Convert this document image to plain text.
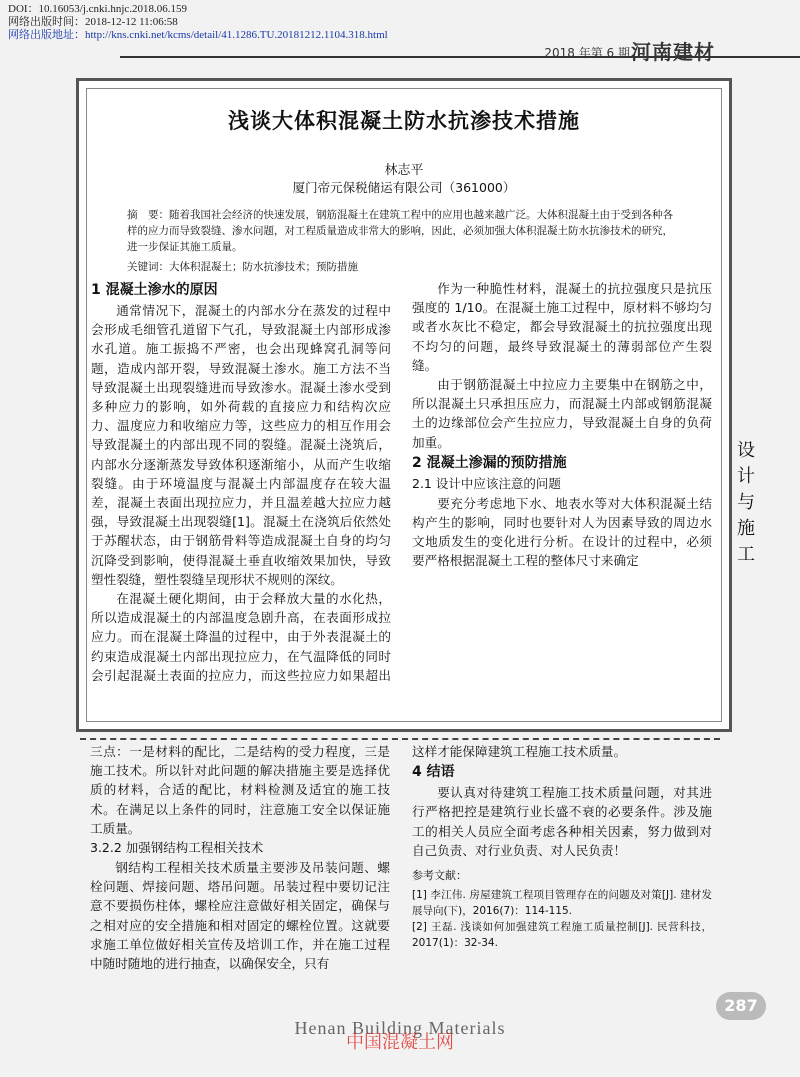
DOI：10.16053/j.cnki.hnjc.2018.06.159
网络出版时间：2018-12-12 11:06:58
网络出版地址：http://kns.cnki.net/kcms/detail/41.1286.TU.20181212.1104.318.html
2018 年第 6 期 河南建材
浅谈大体积混凝土防水抗渗技术措施
林志平
厦门帝元保税储运有限公司（361000）
摘　要：随着我国社会经济的快速发展，钢筋混凝土在建筑工程中的应用也越来越广泛。大体积混凝土由于受到各种各样的应力而导致裂缝、渗水问题，对工程质量造成非常大的影响，因此，必须加强大体积混凝土防水抗渗技术的研究，进一步保证其施工质量。
关键词：大体积混凝土；防水抗渗技术；预防措施
1 混凝土渗水的原因

通常情况下，混凝土的内部水分在蒸发的过程中会形成毛细管孔道留下气孔，导致混凝土内部形成渗水孔道。施工振捣不严密，也会出现蜂窝孔洞等问题，造成内部开裂，导致混凝土渗水。施工方法不当导致混凝土出现裂缝进而导致渗水。混凝土渗水受到多种应力的影响，如外荷载的直接应力和结构次应力、温度应力和收缩应力等，这些应力的相互作用会导致混凝土的内部出现不同的裂缝。混凝土浇筑后，内部水分逐渐蒸发导致体积逐渐缩小，从而产生收缩裂缝。由于环境温度与混凝土内部温度存在较大温差，混凝土表面出现拉应力，并且温差越大拉应力越强，导致混凝土出现裂缝[1]。混凝土在浇筑后依然处于苏醒状态，由于钢筋骨料等造成混凝土自身的均匀沉降受到影响，使得混凝土垂直收缩效果加快，导致塑性裂缝，塑性裂缝呈现形状不规则的深纹。

在混凝土硬化期间，由于会释放大量的水化热，所以造成混凝土的内部温度急剧升高，在表面形成拉应力。而在混凝土降温的过程中，由于外表混凝土的约束造成混凝土内部出现拉应力，在气温降低的同时会引起混凝土表面的拉应力，而这些拉应力如果超出

作为一种脆性材料，混凝土的抗拉强度只是抗压强度的 1/10。在混凝土施工过程中，原材料不够均匀或者水灰比不稳定，都会导致混凝土的抗拉强度出现不均匀的问题，最终导致混凝土的薄弱部位产生裂缝。

由于钢筋混凝土中拉应力主要集中在钢筋之中，所以混凝土只承担压应力，而混凝土内部或钢筋混凝土的边缘部位会产生拉应力，导致混凝土自身的负荷加重。

2 混凝土渗漏的预防措施
2.1 设计中应该注意的问题

要充分考虑地下水、地表水等对大体积混凝土结构产生的影响，同时也要针对人为因素导致的周边水文地质发生的变化进行分析。在设计的过程中，必须要严格根据混凝土工程的整体尺寸来确定

设计与施工

三点：一是材料的配比，二是结构的受力程度，三是施工技术。所以针对此问题的解决措施主要是选择优质的材料，合适的配比，材料检测及适宜的施工技术。在满足以上条件的同时，注意施工安全以保证施工质量。

3.2.2 加强钢结构工程相关技术

钢结构工程相关技术质量主要涉及吊装问题、螺栓问题、焊接问题、塔吊问题。吊装过程中要切记注意不要损伤柱体，螺栓应注意做好相关固定，确保与之相对应的安全措施和相对固定的螺栓位置。这就要求施工单位做好相关宣传及培训工作，并在施工过程中随时随地的进行抽查，以确保安全，只有

这样才能保障建筑工程施工技术质量。

4 结语

要认真对待建筑工程施工技术质量问题，对其进行严格把控是建筑行业长盛不衰的必要条件。涉及施工的相关人员应全面考虑各种相关因素，努力做到对自己负责、对行业负责、对人民负责！

参考文献：
[1] 李江伟. 房屋建筑工程项目管理存在的问题及对策[J]. 建材发展导向(下)，2016(7)：114-115.
[2] 王磊. 浅谈如何加强建筑工程施工质量控制[J]. 民营科技，2017(1)：32-34.
287
Henan Building Materials
中国混凝土网
